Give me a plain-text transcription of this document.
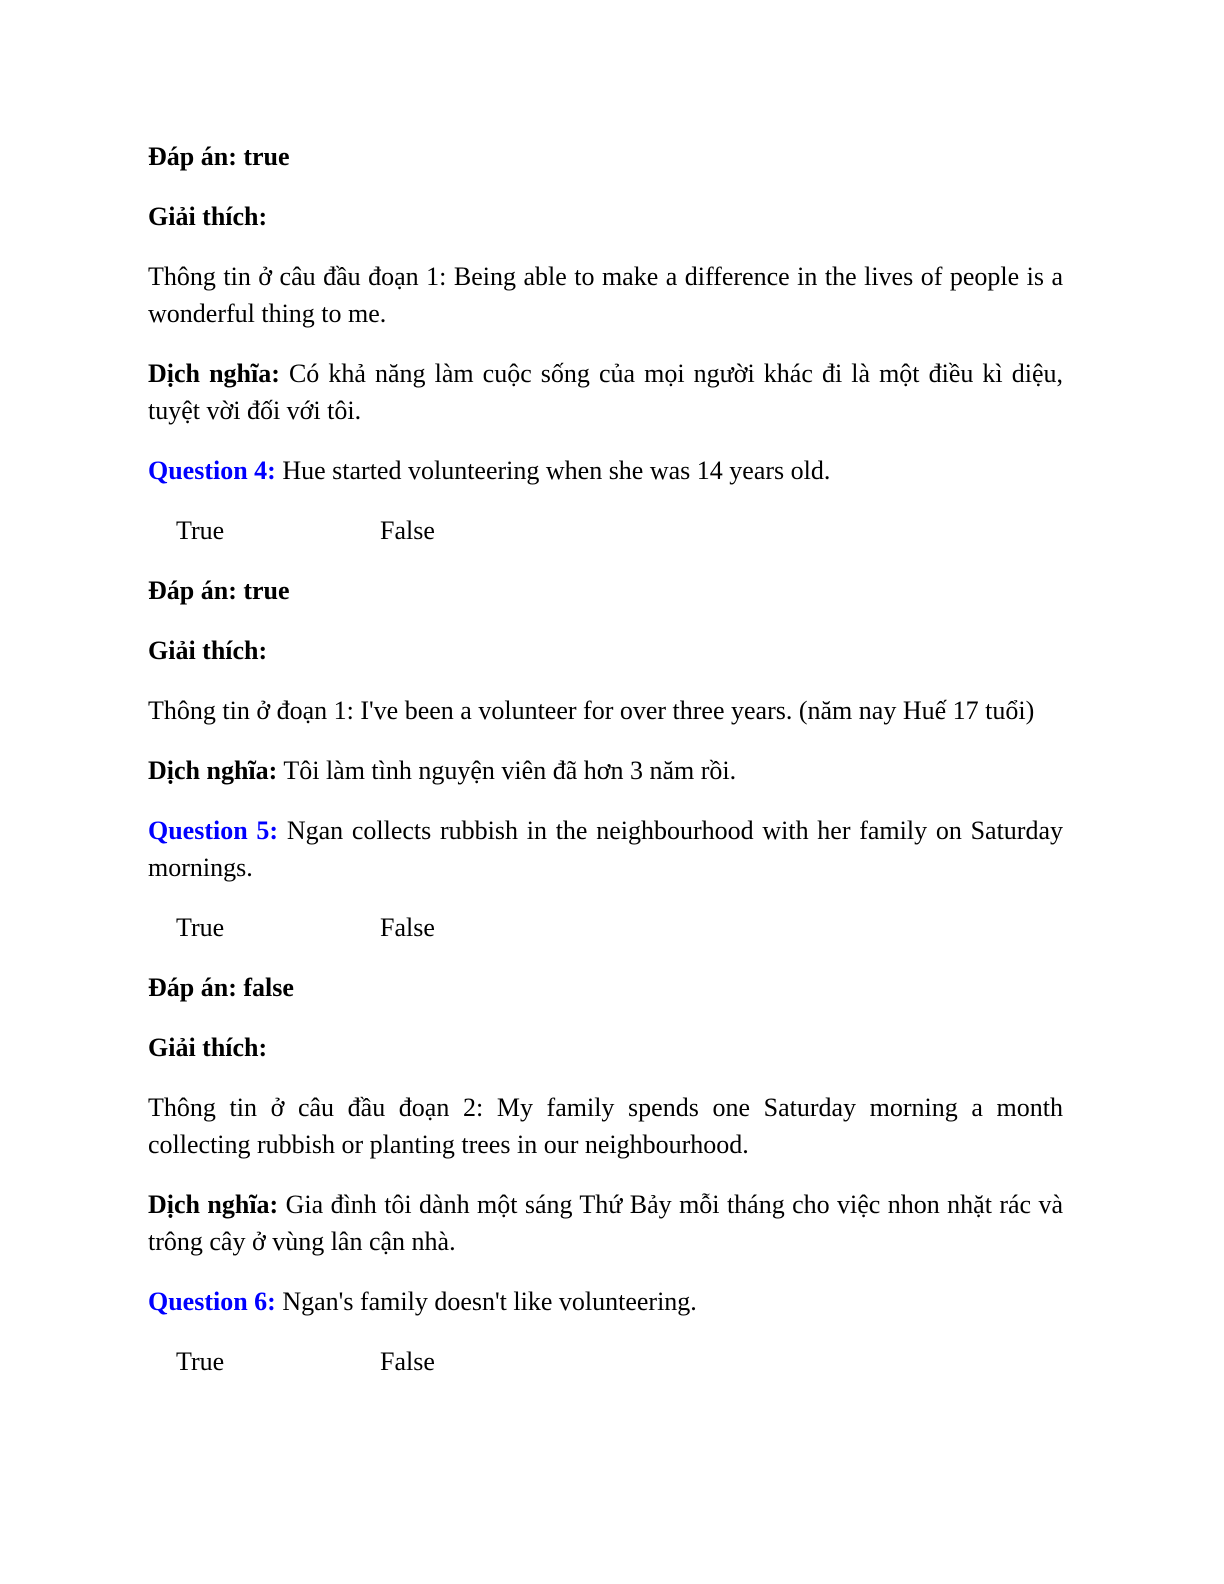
Đáp án: true

Giải thích:

Thông tin ở câu đầu đoạn 1: Being able to make a difference in the lives of people is a wonderful thing to me.

Dịch nghĩa: Có khả năng làm cuộc sống của mọi người khác đi là một điều kì diệu, tuyệt vời đối với tôi.

Question 4: Hue started volunteering when she was 14 years old.

True	False

Đáp án: true

Giải thích:

Thông tin ở đoạn 1: I've been a volunteer for over three years. (năm nay Huế 17 tuổi)

Dịch nghĩa: Tôi làm tình nguyện viên đã hơn 3 năm rồi.

Question 5: Ngan collects rubbish in the neighbourhood with her family on Saturday mornings.

True	False

Đáp án: false

Giải thích:

Thông tin ở câu đầu đoạn 2: My family spends one Saturday morning a month collecting rubbish or planting trees in our neighbourhood.

Dịch nghĩa: Gia đình tôi dành một sáng Thứ Bảy mỗi tháng cho việc nhon nhặt rác và trông cây ở vùng lân cận nhà.

Question 6: Ngan's family doesn't like volunteering.

True	False
